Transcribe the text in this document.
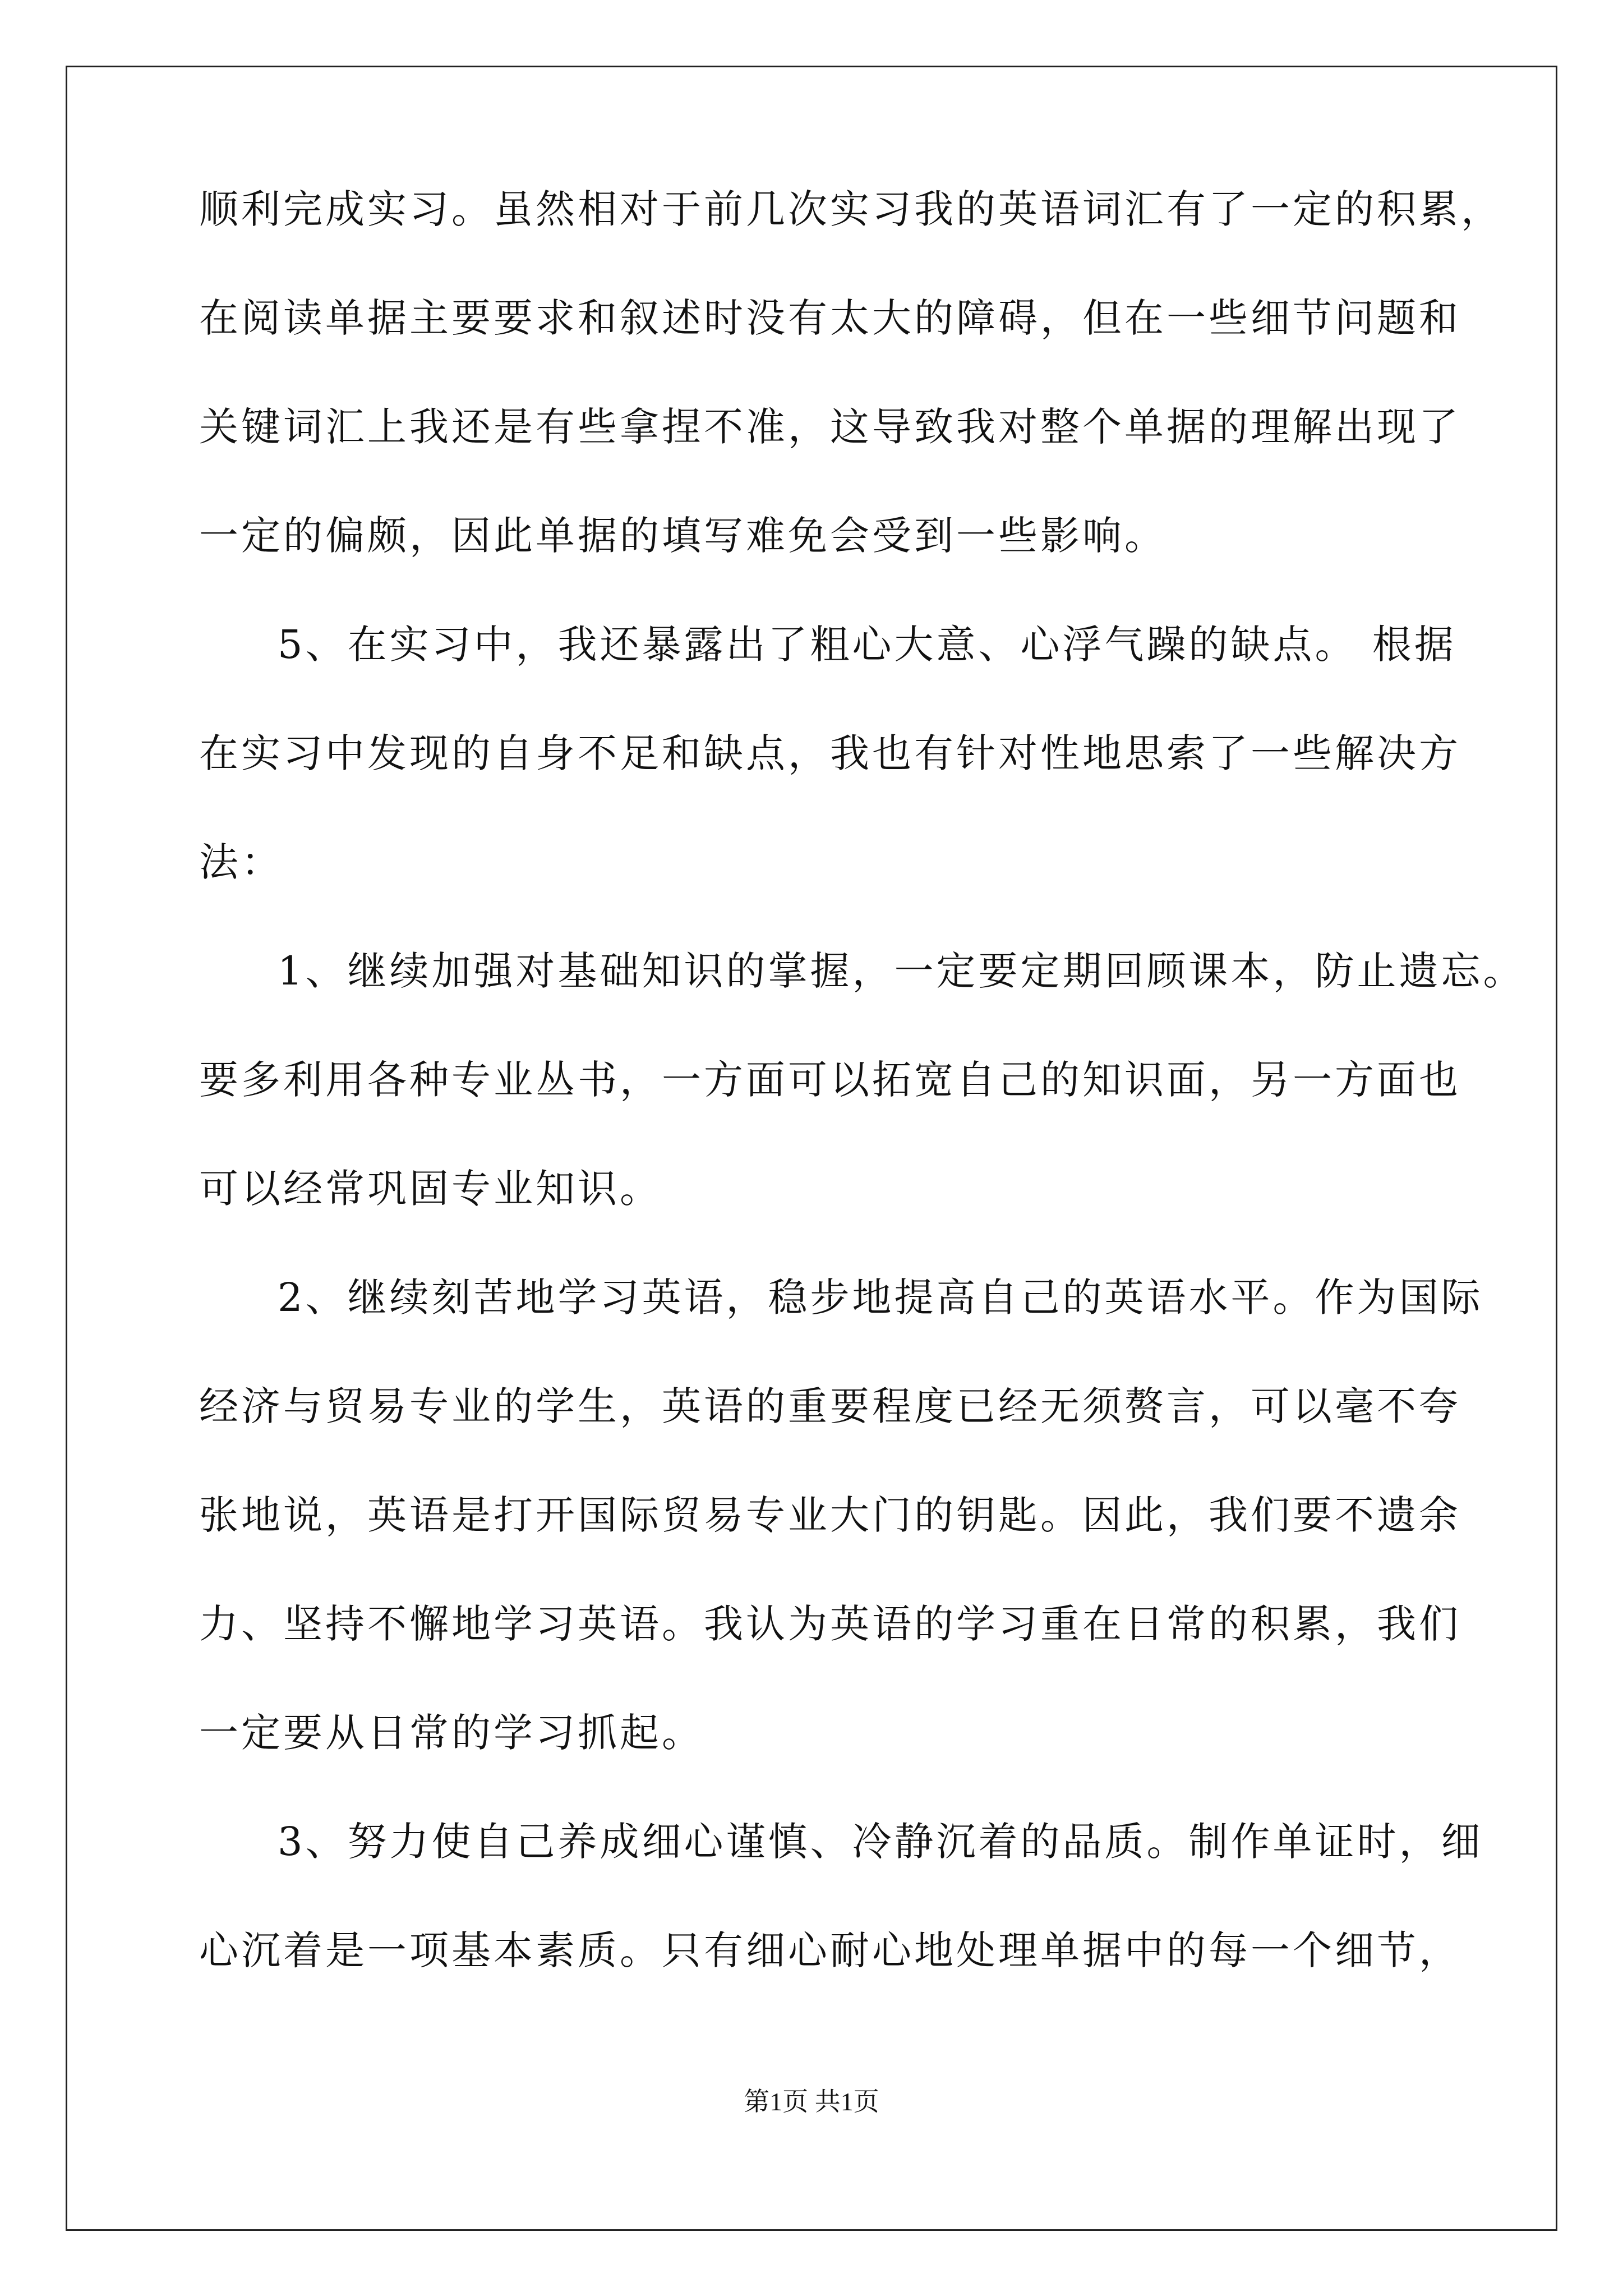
顺利完成实习。虽然相对于前几次实习我的英语词汇有了一定的积累，
在阅读单据主要要求和叙述时没有太大的障碍，但在一些细节问题和
关键词汇上我还是有些拿捏不准，这导致我对整个单据的理解出现了
一定的偏颇，因此单据的填写难免会受到一些影响。
5、在实习中，我还暴露出了粗心大意、心浮气躁的缺点。 根据
在实习中发现的自身不足和缺点，我也有针对性地思索了一些解决方
法：
1、继续加强对基础知识的掌握，一定要定期回顾课本，防止遗忘。
要多利用各种专业丛书，一方面可以拓宽自己的知识面，另一方面也
可以经常巩固专业知识。
2、继续刻苦地学习英语，稳步地提高自己的英语水平。作为国际
经济与贸易专业的学生，英语的重要程度已经无须赘言，可以毫不夸
张地说，英语是打开国际贸易专业大门的钥匙。因此，我们要不遗余
力、坚持不懈地学习英语。我认为英语的学习重在日常的积累，我们
一定要从日常的学习抓起。
3、努力使自己养成细心谨慎、冷静沉着的品质。制作单证时，细
心沉着是一项基本素质。只有细心耐心地处理单据中的每一个细节，
第1页 共1页
